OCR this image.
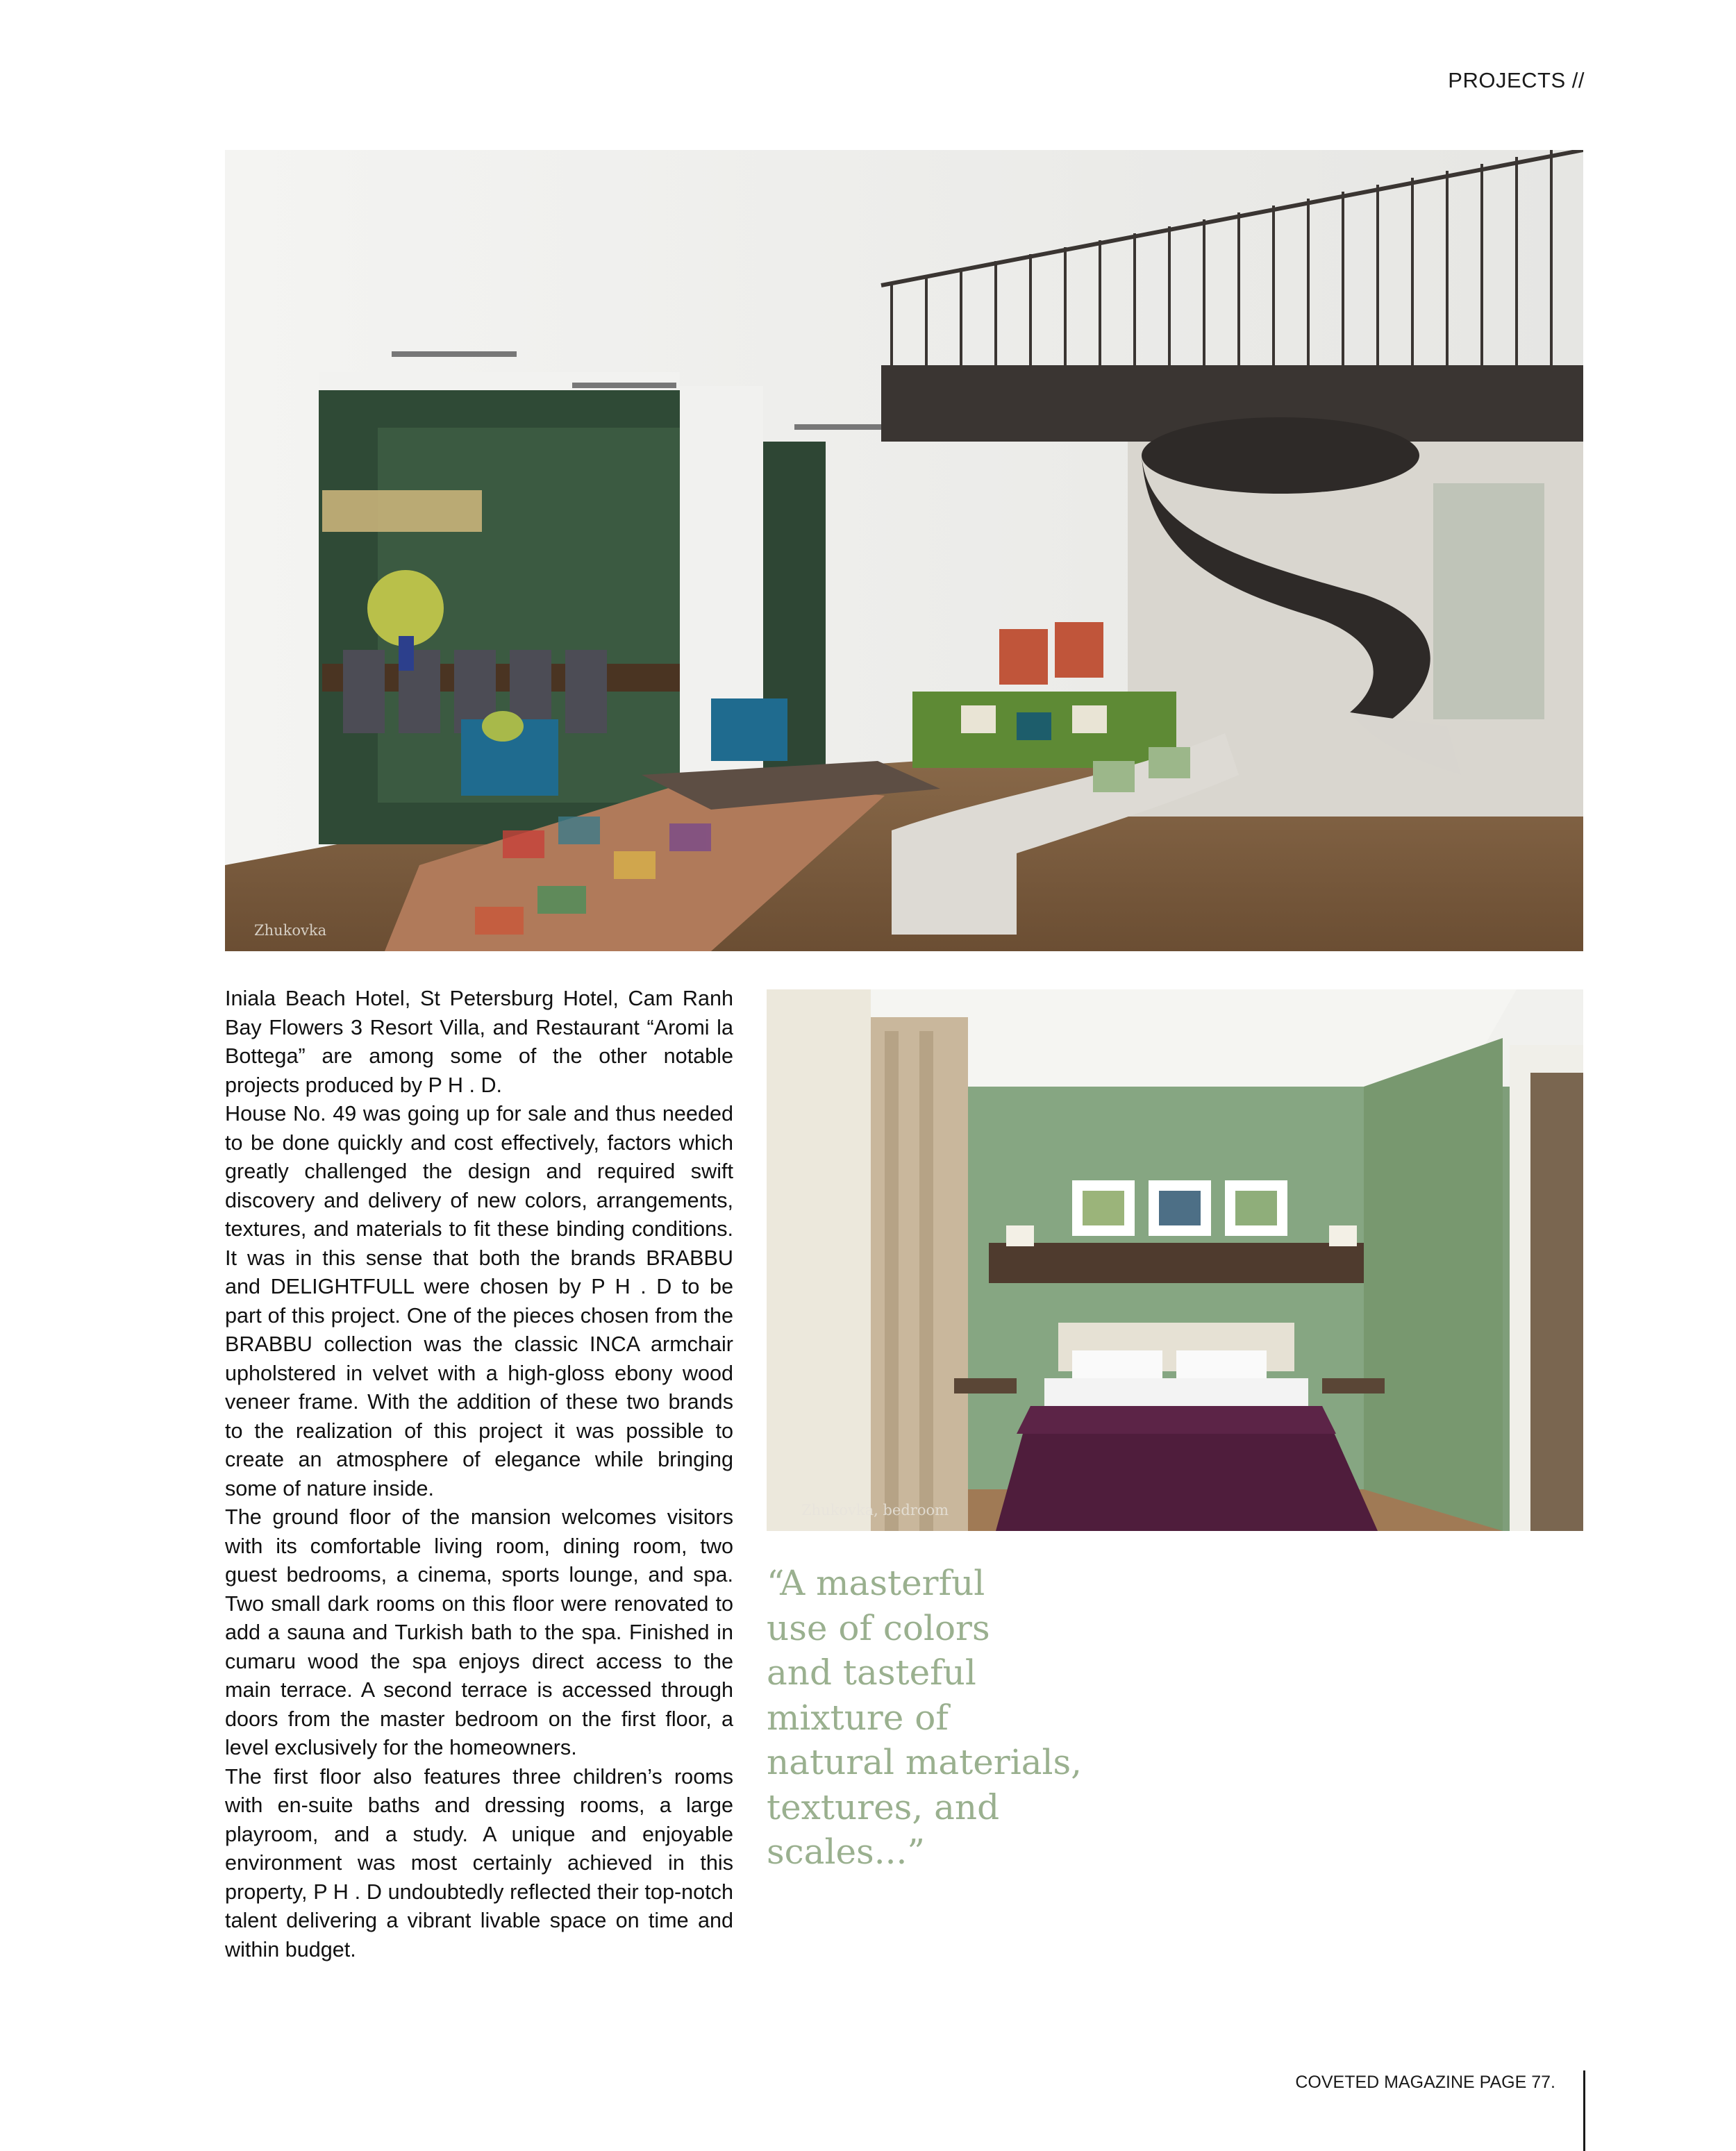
PROJECTS //
Zhukovka

Iniala Beach Hotel, St Petersburg Hotel, Cam Ranh Bay Flowers 3 Resort Villa, and Restaurant “Aromi la Bottega” are among some of the other notable projects produced by P H . D.

House No. 49 was going up for sale and thus needed to be done quickly and cost effectively, factors which greatly challenged the design and required swift discovery and delivery of new colors, arrangements, textures, and materials to fit these binding conditions. It was in this sense that both the brands BRABBU and DELIGHTFULL were chosen by P H . D to be part of this project. One of the pieces chosen from the BRABBU collection was the classic INCA armchair upholstered in velvet with a high-gloss ebony wood veneer frame. With the addition of these two brands to the realization of this project it was possible to create an atmosphere of elegance while bringing some of nature inside.

The ground floor of the mansion welcomes visitors with its comfortable living room, dining room, two guest bedrooms, a cinema, sports lounge, and spa. Two small dark rooms on this floor were renovated to add a sauna and Turkish bath to the spa. Finished in cumaru wood the spa enjoys direct access to the main terrace. A second terrace is accessed through doors from the master bedroom on the first floor, a level exclusively for the homeowners.

The first floor also features three children’s rooms with en-suite baths and dressing rooms, a large playroom, and a study. A unique and enjoyable environment was most certainly achieved in this property, P H . D undoubtedly reflected their top-notch talent delivering a vibrant livable space on time and within budget.

Zhukovka, bedroom
“A masterful
use of colors
and tasteful
mixture of
natural materials,
textures, and
scales...”
COVETED MAGAZINE PAGE 77.
